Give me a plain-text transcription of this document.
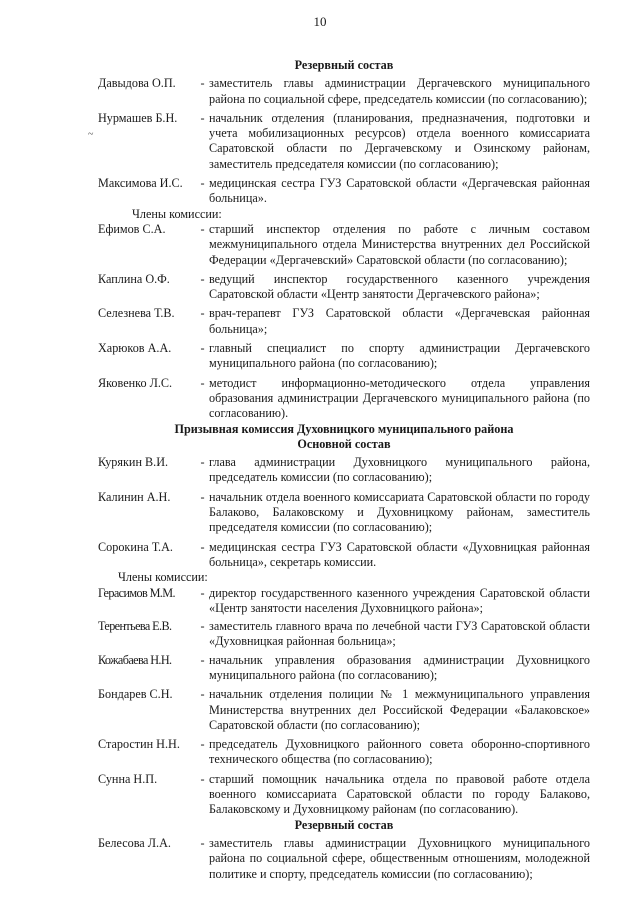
10
~
Резервный состав
Давыдова О.П.	- заместитель главы администрации Дергачевского муниципального района по социальной сфере, председатель комиссии (по согласованию);
Нурмашев Б.Н.	- начальник отделения (планирования, предназначения, подготовки и учета мобилизационных ресурсов) отдела военного комиссариата Саратовской области по Дергачевскому и Озинскому районам, заместитель председателя комиссии (по согласованию);
Максимова И.С.	- медицинская сестра ГУЗ Саратовской области «Дергачевская районная больница».
Члены комиссии:
Ефимов С.А.	- старший инспектор отделения по работе с личным составом межмуниципального отдела Министерства внутренних дел Российской Федерации «Дергачевский» Саратовской области (по согласованию);
Каплина О.Ф.	- ведущий инспектор государственного казенного учреждения Саратовской области «Центр занятости Дергачевского района»;
Селезнева Т.В.	- врач-терапевт ГУЗ Саратовской области «Дергачевская районная больница»;
Харюков А.А.	- главный специалист по спорту администрации Дергачевского муниципального района (по согласованию);
Яковенко Л.С.	- методист информационно-методического отдела управления образования администрации Дергачевского муниципального района (по согласованию).
Призывная комиссия Духовницкого муниципального района
Основной состав
Курякин В.И.	- глава администрации Духовницкого муниципального района, председатель комиссии (по согласованию);
Калинин А.Н.	- начальник отдела военного комиссариата Саратовской области по городу Балаково, Балаковскому и Духовницкому районам, заместитель председателя комиссии (по согласованию);
Сорокина Т.А.	- медицинская сестра ГУЗ Саратовской области «Духовницкая районная больница», секретарь комиссии.
Члены комиссии:
Герасимов М.М.	- директор государственного казенного учреждения Саратовской области «Центр занятости населения Духовницкого района»;
Терентьева Е.В.	- заместитель главного врача по лечебной части ГУЗ Саратовской области «Духовницкая районная больница»;
Кожабаева Н.Н.	- начальник управления образования администрации Духовницкого муниципального района (по согласованию);
Бондарев С.Н.	- начальник отделения полиции № 1 межмуниципального управления Министерства внутренних дел Российской Федерации «Балаковское» Саратовской области (по согласованию);
Старостин Н.Н.	- председатель Духовницкого районного совета оборонно-спортивного технического общества (по согласованию);
Сунна Н.П.	- старший помощник начальника отдела по правовой работе отдела военного комиссариата Саратовской области по городу Балаково, Балаковскому и Духовницкому районам (по согласованию).
Резервный состав
Белесова Л.А.	- заместитель главы администрации Духовницкого муниципального района по социальной сфере, общественным отношениям, молодежной политике и спорту, председатель комиссии (по согласованию);
